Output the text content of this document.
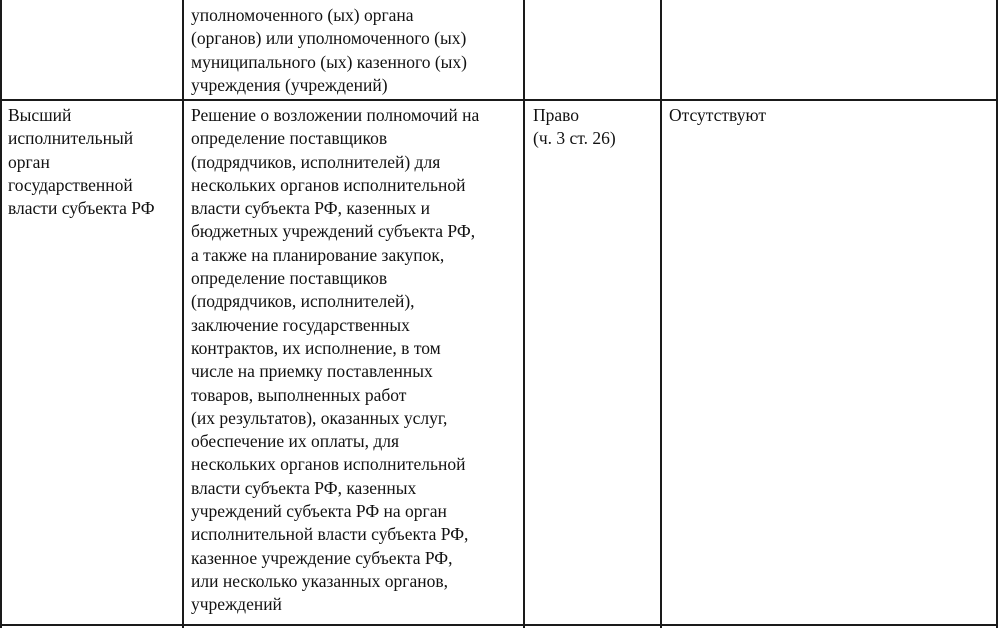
уполномоченного (ых) органа
(органов) или уполномоченного (ых)
муниципального (ых) казенного (ых)
учреждения (учреждений)
Высший
исполнительный
орган
государственной
власти субъекта РФ
Решение о возложении полномочий на
определение поставщиков
(подрядчиков, исполнителей) для
нескольких органов исполнительной
власти субъекта РФ, казенных и
бюджетных учреждений субъекта РФ,
а также на планирование закупок,
определение поставщиков
(подрядчиков, исполнителей),
заключение государственных
контрактов, их исполнение, в том
числе на приемку поставленных
товаров, выполненных работ
(их результатов), оказанных услуг,
обеспечение их оплаты, для
нескольких органов исполнительной
власти субъекта РФ, казенных
учреждений субъекта РФ на орган
исполнительной власти субъекта РФ,
казенное учреждение субъекта РФ,
или несколько указанных органов,
учреждений
Право
(ч. 3 ст. 26)
Отсутствуют
